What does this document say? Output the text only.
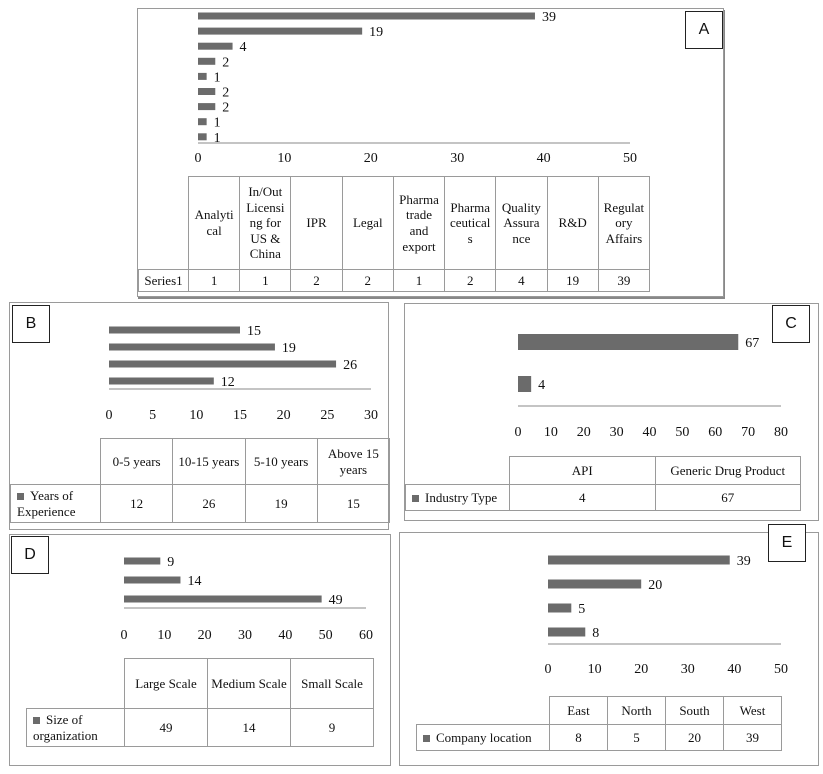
A
39
19
4
2
1
2
2
1
1
0	10	20	30	40	50
	Analyti cal	In/Out Licensi ng for US & China	IPR	Legal	Pharma trade and export	Pharma ceutical s	Quality Assura nce	R&D	Regulat ory Affairs
Series1	1	1	2	2	1	2	4	19	39
B	15
19
26
12
0	5 10 15 20 25 30
	0-5 years	10-15 years	5-10 years	Above 15 years
Years of Experience	12	26	19	15
C
67
4
0 10 20 30 40 50 60 70 80
	API	Generic Drug Product
Industry Type	4	67
D	9
14
49
0 10 20 30 40 50 60
	Large Scale	Medium Scale	Small Scale
Size of organization	49	14	9
E
39
20
5
8
0	10 20 30 40 50
	East	North	South	West
Company location	8	5	20	39
